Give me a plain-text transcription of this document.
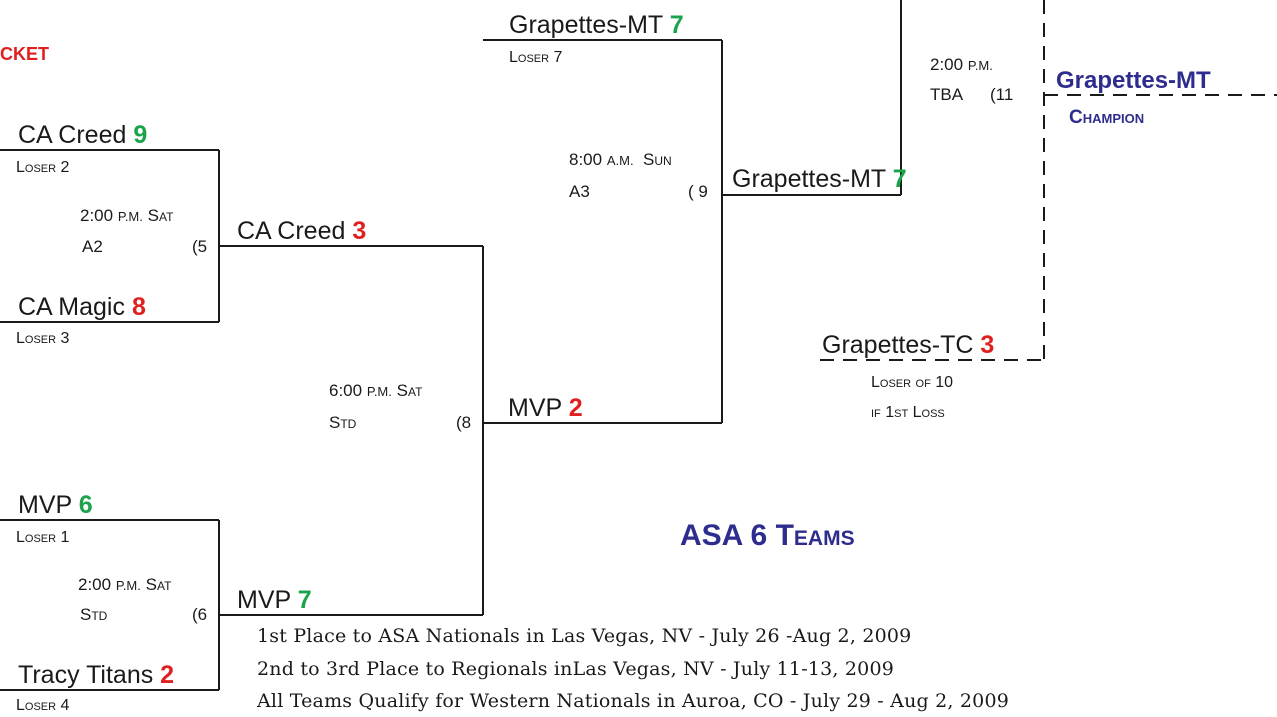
CKET
CA Creed 9
Loser 2
CA Magic 8
Loser 3
MVP 6
Loser 1
Tracy Titans 2
Loser 4
2:00 P.M. Sat
A2	(5
2:00 P.M. Sat
Std	(6
CA Creed 3
MVP 7
6:00 P.M. Sat
Std	(8
Grapettes-MT 7
Loser 7
MVP 2
8:00 A.M. Sun
A3	( 9 Grapettes-MT 7
2:00 P.M.
TBA (11
Grapettes-MT
Champion
Grapettes-TC 3
Loser of 10
if 1st Loss
ASA 6 Teams
1st Place to ASA Nationals in Las Vegas, NV - July 26 -Aug 2, 2009
2nd to 3rd Place to Regionals inLas Vegas, NV - July 11-13, 2009
All Teams Qualify for Western Nationals in Auroa, CO - July 29 - Aug 2, 2009
